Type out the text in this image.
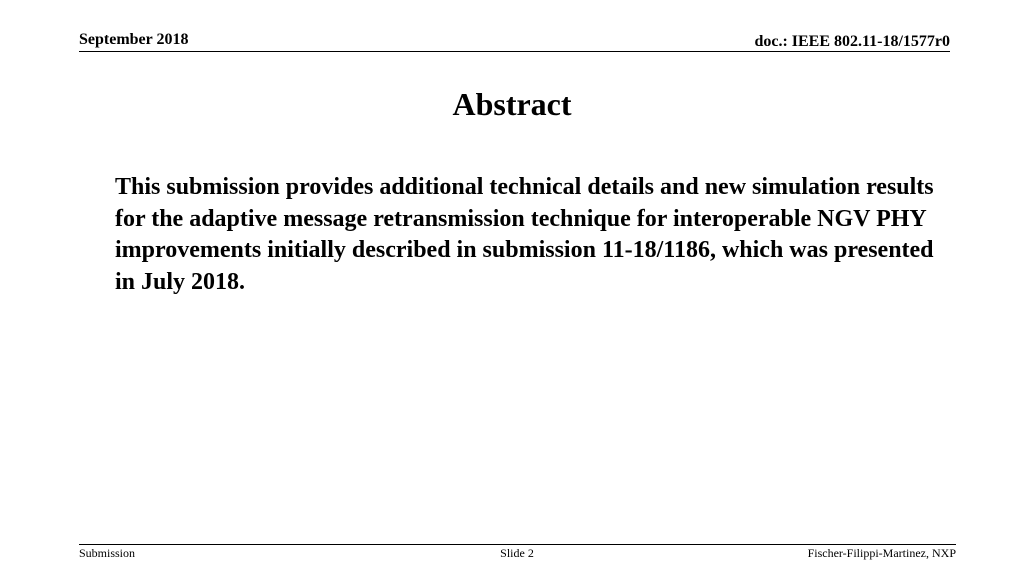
September 2018	doc.: IEEE 802.11-18/1577r0
Abstract
This submission provides additional technical details and new simulation results for the adaptive message retransmission technique for interoperable NGV PHY improvements initially described in submission 11-18/1186, which was presented in July 2018.
Submission	Slide 2	Fischer-Filippi-Martinez, NXP
